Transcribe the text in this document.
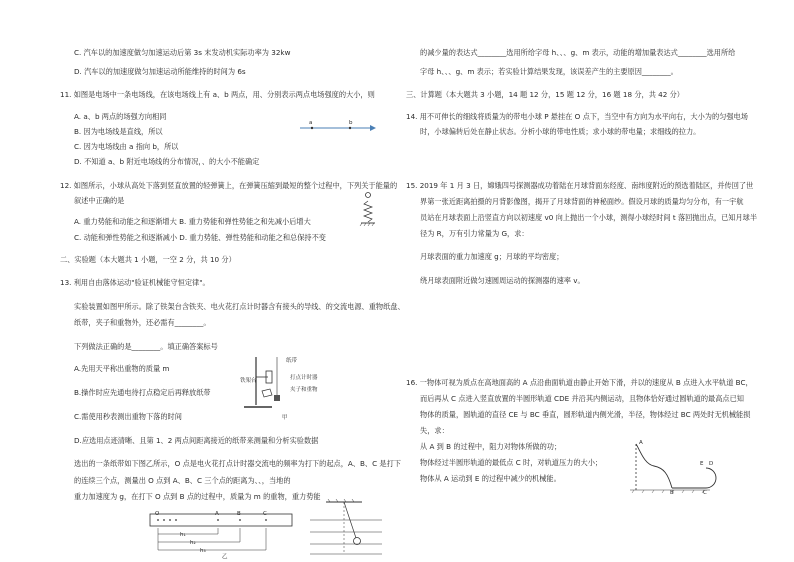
C. 汽车以的加速度做匀加速运动后第 3s 末发动机实际功率为 32kw
D. 汽车以的加速度做匀加速运动所能维持的时间为 6s
11. 如图是电场中一条电场线，在该电场线上有 a、b 两点，用、分别表示两点电场强度的大小，则
A. a、b 两点的场强方向相同
B. 因为电场线是直线，所以
C. 因为电场线由 a 指向 b，所以
D. 不知道 a、b 附近电场线的分布情况，、的大小不能确定
a	b
12. 如图所示，小球从高处下落到竖直放置的轻弹簧上，在弹簧压缩到最短的整个过程中，下列关于能量的
叙述中正确的是
A. 重力势能和动能之和逐渐增大 B. 重力势能和弹性势能之和先减小后增大
C. 动能和弹性势能之和逐渐减小 D. 重力势能、弹性势能和动能之和总保持不变
二、实验题（本大题共 1 小题，一空 2 分，共 10 分）
13. 利用自由落体运动"验证机械能守恒定律"。
实验装置如图甲所示。除了铁架台含铁夹、电火花打点计时器含有接头的导线、的交流电源、重物纸盘、
纸带，夹子和重物外，还必需有________。
下列做法正确的是________。填正确答案标号
A.先用天平称出重物的质量 m
B.操作时应先通电待打点稳定后再释放纸带
C.需使用秒表测出重物下落的时间
D.应选用点迹清晰、且第 1、2 两点间距离接近的纸带来测量和分析实验数据
选出的一条纸带如下图乙所示，O 点是电火花打点计时器交流电的频率为打下的起点，A、B、C 是打下
的连续三个点，测量出 O 点到 A、B、C 三个点的距离为、、，当地的
重力加速度为 g，在打下 O 点到 B 点的过程中，质量为 m 的重物，重力势能
纸带
铁架台	打点计时器
夹子和重物
甲
O	A	B	C
h₁
h₂
h₃
乙
的减少量的表达式________选用所给字母 h、、、g、m 表示，动能的增加量表达式________选用所给
字母 h、、、g、m 表示；若实验计算结果发现，该误差产生的主要原因________。
三、计算题（本大题共 3 小题，14 题 12 分，15 题 12 分，16 题 18 分，共 42 分）
14. 用不可伸长的细线将质量为的带电小球 P 悬挂在 O 点下，当空中有方向为水平向右，大小为的匀强电场
时，小球偏转后处在静止状态。分析小球的带电性质；求小球的带电量；求细线的拉力。
15. 2019 年 1 月 3 日，嫦娥四号探测器成功着陆在月球背面东经度、南纬度附近的预选着陆区，并传回了世
界第一张近距离拍摄的月背影像图，揭开了月球背面的神秘面纱。假设月球的质量均匀分布，有一宇航
员站在月球表面上沿竖直方向以初速度 v0 向上抛出一个小球，测得小球经时间 t 落回抛出点，已知月球半
径为 R，万有引力常量为 G，求：
月球表面的重力加速度 g；月球的平均密度；
绕月球表面附近做匀速圆周运动的探测器的速率 v。
16. 一物体可视为质点在高地面高的 A 点沿曲面轨道由静止开始下滑，并以的速度从 B 点进入水平轨道 BC，
而后再从 C 点进入竖直放置的半圆形轨道 CDE 并沿其内侧运动，且物体恰好通过圆轨道的最高点已知
物体的质量，圆轨道的直径 CE 与 BC 垂直，圆形轨道内侧光滑，半径，物体经过 BC 两处时无机械能损
失，求：
从 A 到 B 的过程中，阻力对物体所做的功；
物体经过半圆形轨道的最低点 C 时，对轨道压力的大小；
物体从 A 运动到 E 的过程中减少的机械能。
A
B	C
D
E
